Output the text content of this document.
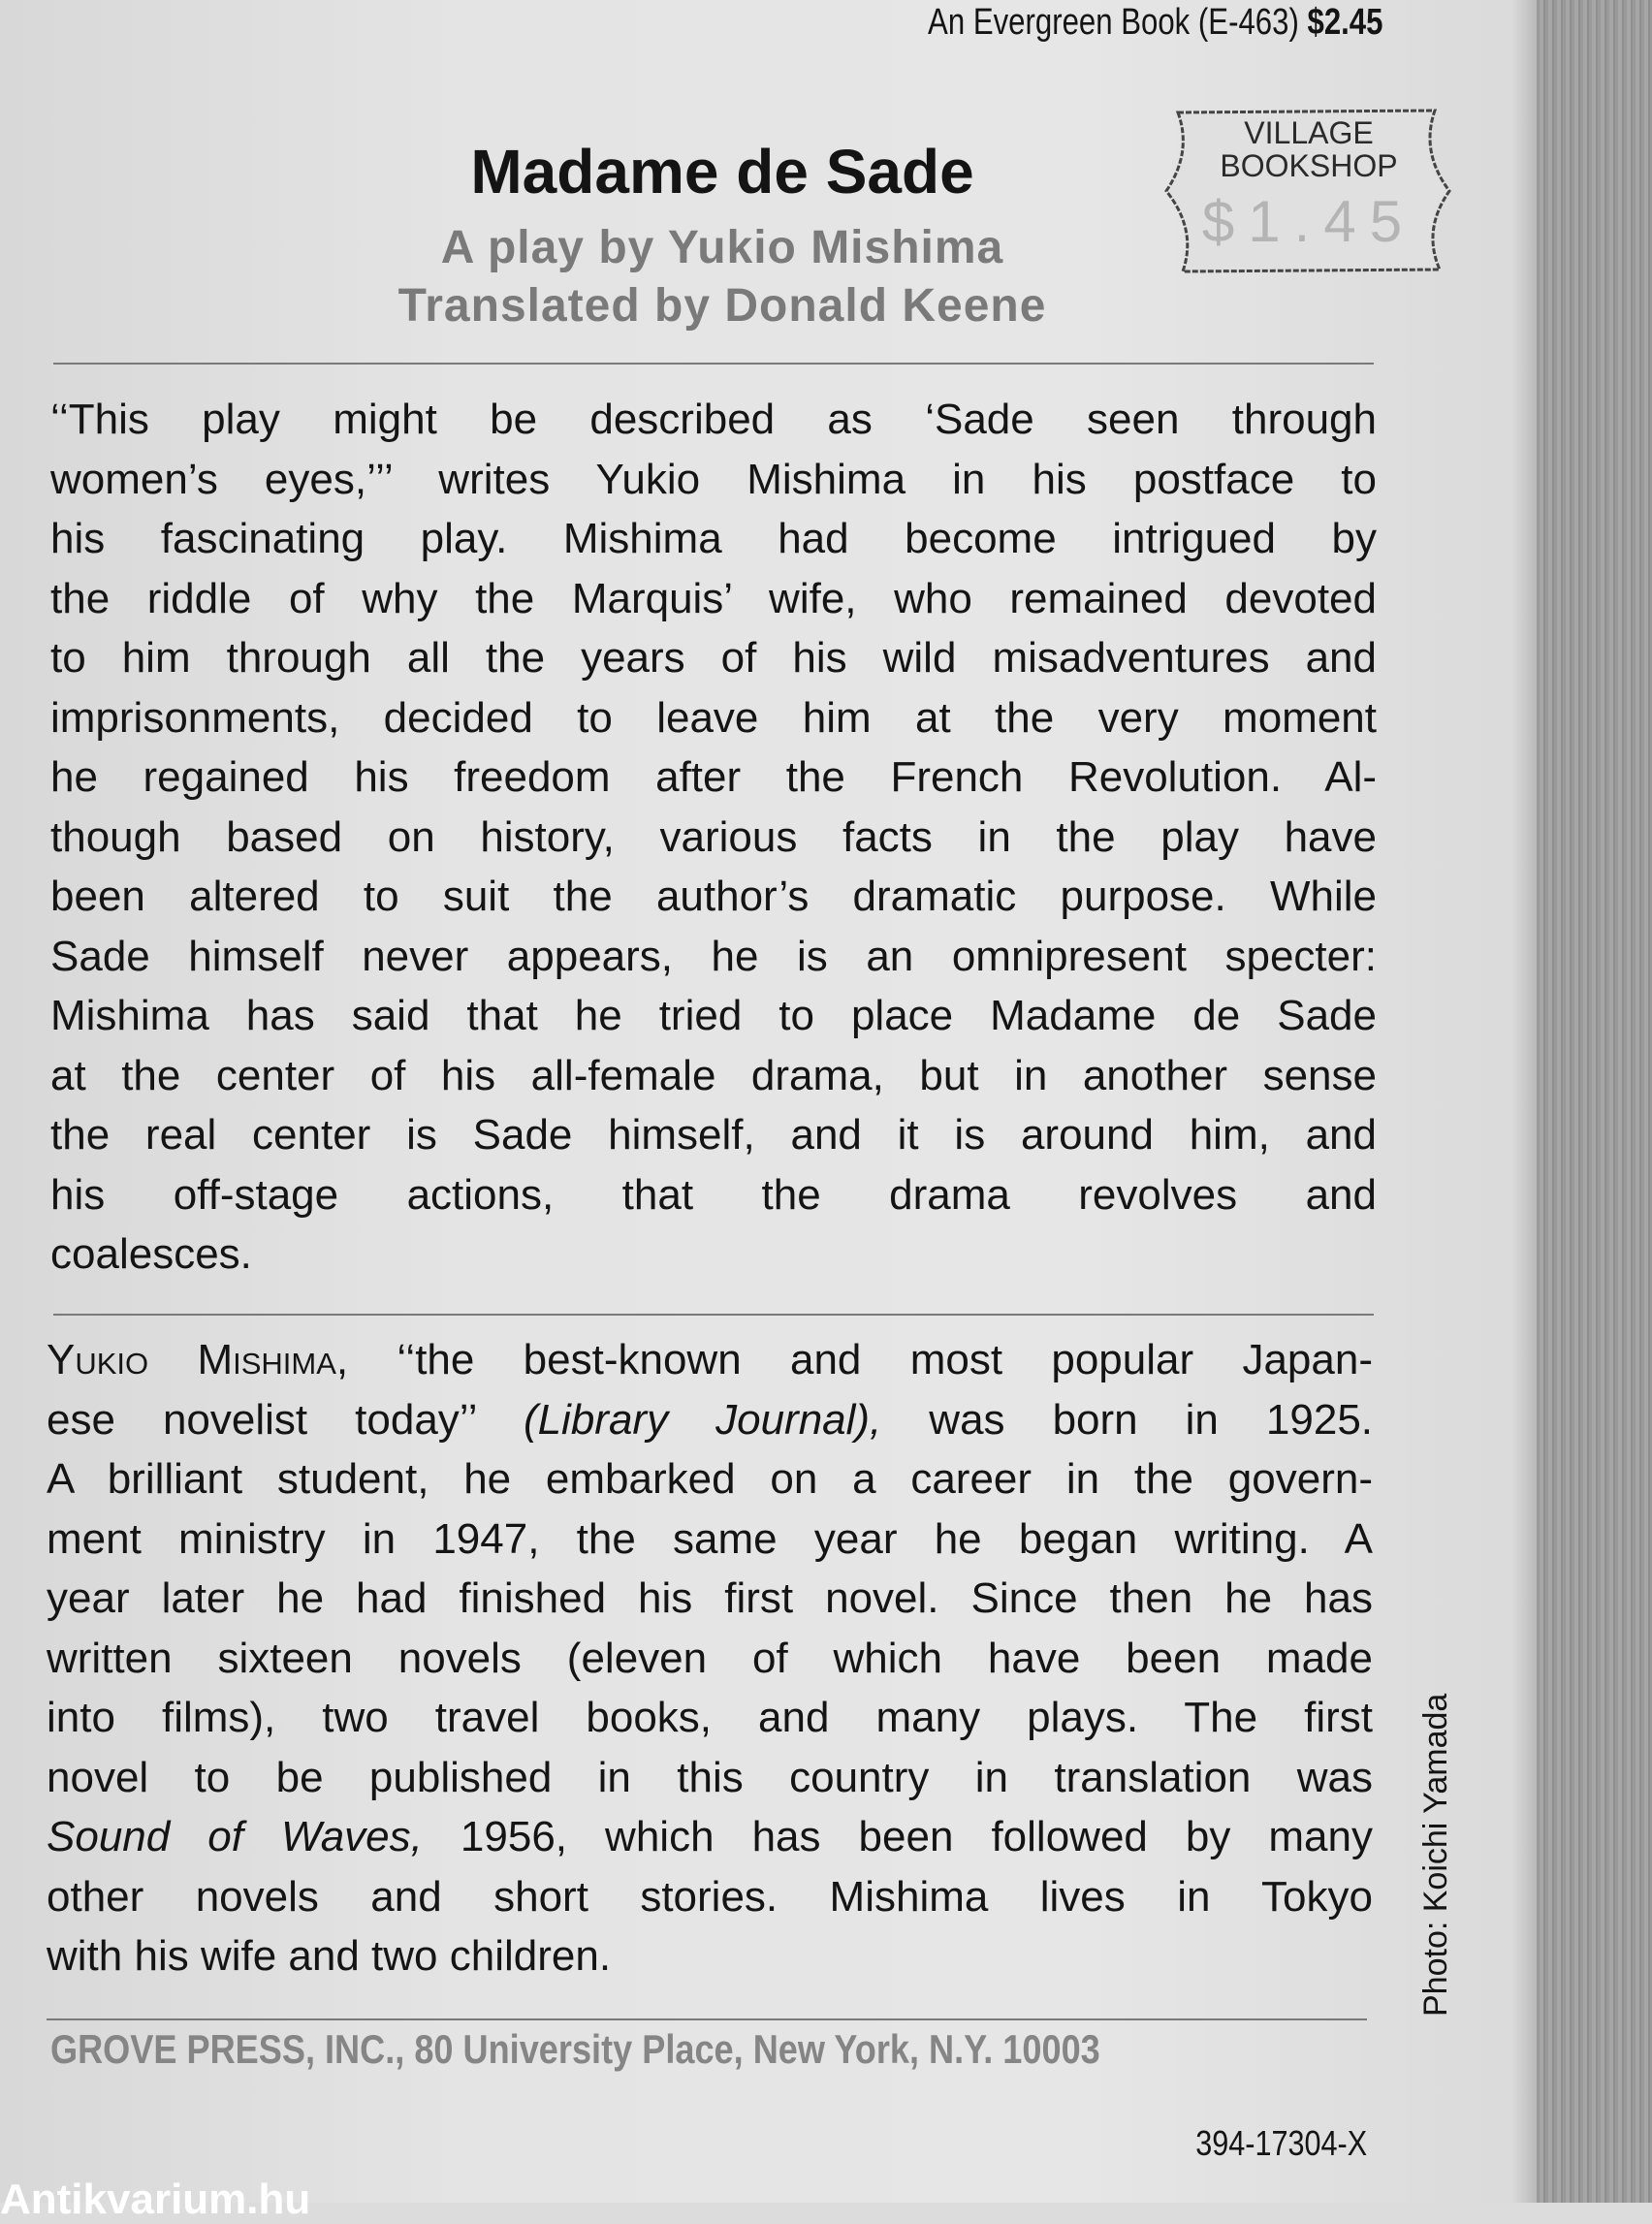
An Evergreen Book (E-463) $2.45
VILLAGE
BOOKSHOP
$1.45
Madame de Sade
A play by Yukio Mishima
Translated by Donald Keene
‘‘This play might be described as ‘Sade seen through
women’s eyes,’’’ writes Yukio Mishima in his postface to
his fascinating play. Mishima had become intrigued by
the riddle of why the Marquis’ wife, who remained devoted
to him through all the years of his wild misadventures and
imprisonments, decided to leave him at the very moment
he regained his freedom after the French Revolution. Al-
though based on history, various facts in the play have
been altered to suit the author’s dramatic purpose. While
Sade himself never appears, he is an omnipresent specter:
Mishima has said that he tried to place Madame de Sade
at the center of his all-female drama, but in another sense
the real center is Sade himself, and it is around him, and
his off-stage actions, that the drama revolves and
coalesces.
Yukio Mishima, ‘‘the best-known and most popular Japan-
ese novelist today’’ (Library Journal), was born in 1925.
A brilliant student, he embarked on a career in the govern-
ment ministry in 1947, the same year he began writing. A
year later he had finished his first novel. Since then he has
written sixteen novels (eleven of which have been made
into films), two travel books, and many plays. The first
novel to be published in this country in translation was
Sound of Waves, 1956, which has been followed by many
other novels and short stories. Mishima lives in Tokyo
with his wife and two children.
GROVE PRESS, INC., 80 University Place, New York, N.Y. 10003
394-17304-X
Photo: Koichi Yamada
Antikvarium.hu
